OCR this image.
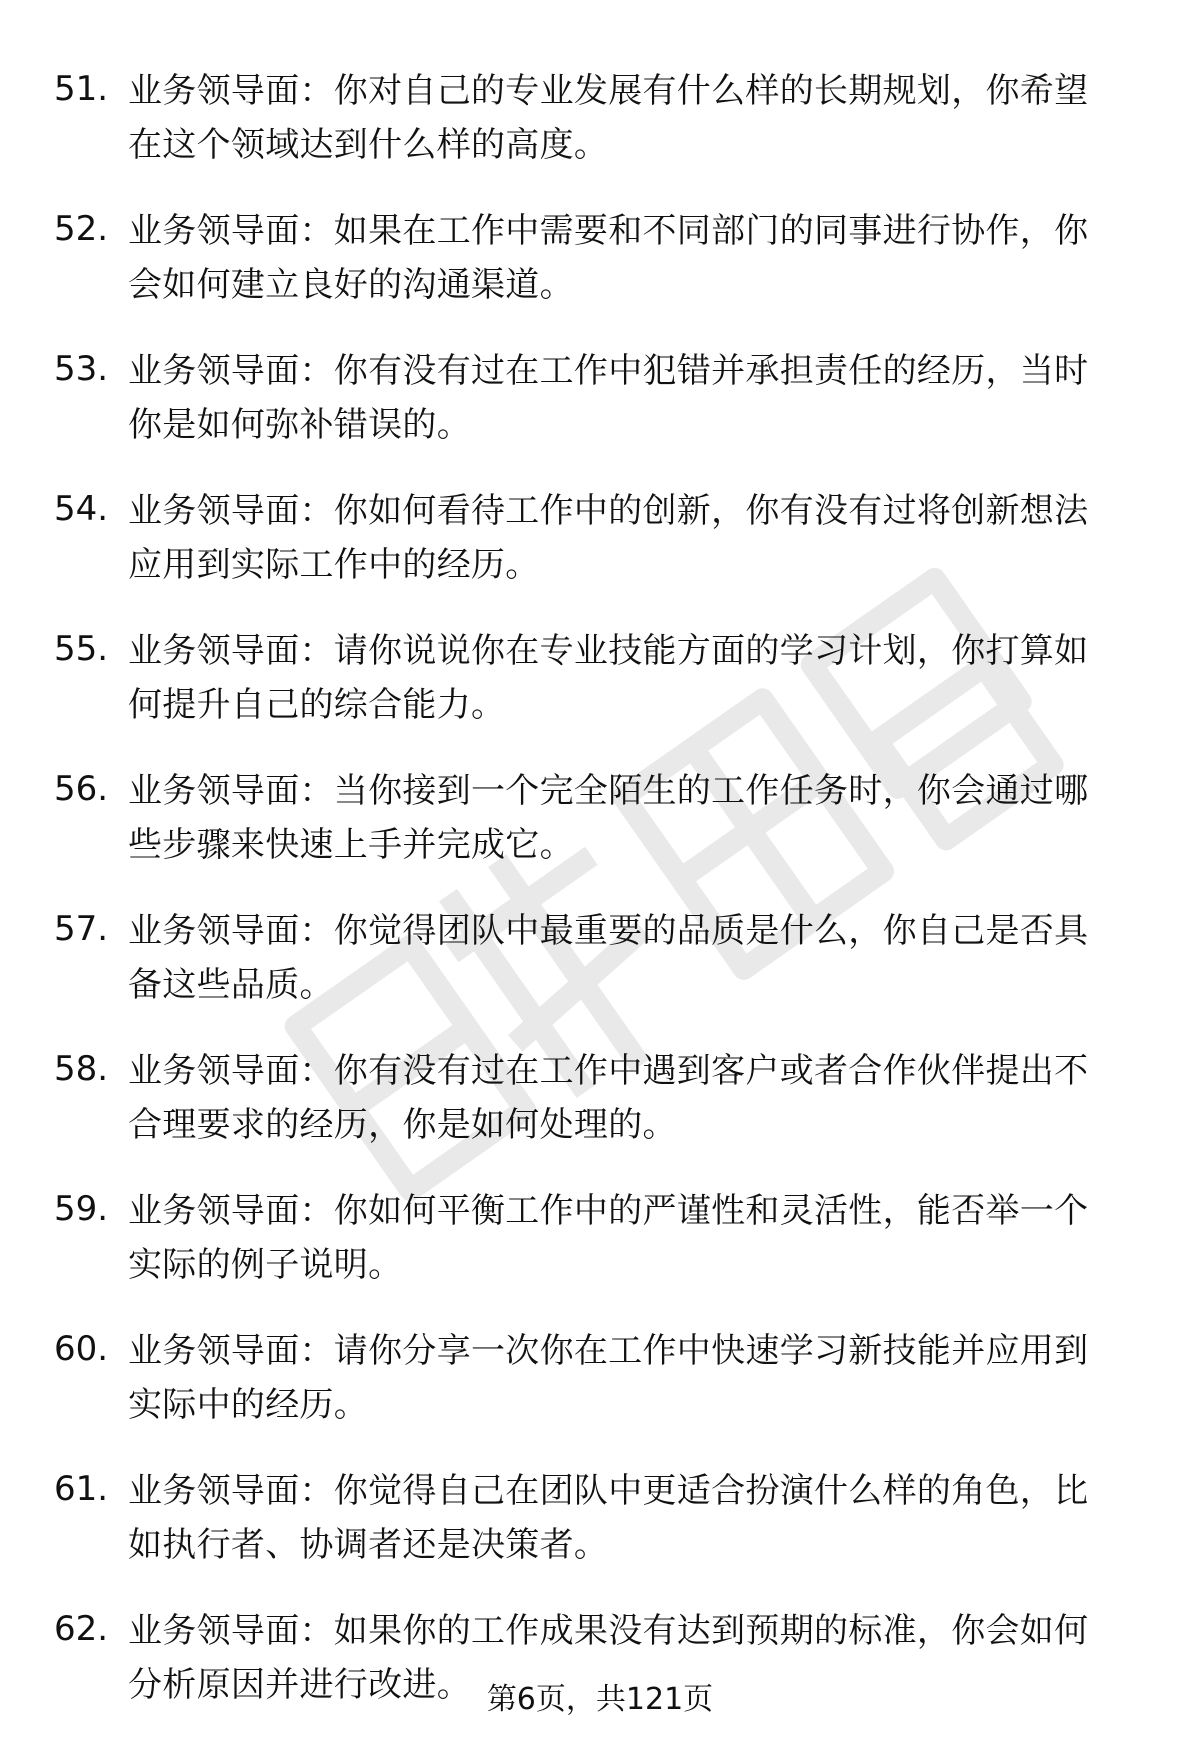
51. 业务领导面：你对自己的专业发展有什么样的长期规划，你希望
在这个领域达到什么样的高度。
52. 业务领导面：如果在工作中需要和不同部门的同事进行协作，你
会如何建立良好的沟通渠道。
53. 业务领导面：你有没有过在工作中犯错并承担责任的经历，当时
你是如何弥补错误的。
54. 业务领导面：你如何看待工作中的创新，你有没有过将创新想法
应用到实际工作中的经历。
55. 业务领导面：请你说说你在专业技能方面的学习计划，你打算如
何提升自己的综合能力。
56. 业务领导面：当你接到一个完全陌生的工作任务时，你会通过哪
些步骤来快速上手并完成它。
57. 业务领导面：你觉得团队中最重要的品质是什么，你自己是否具
备这些品质。
58. 业务领导面：你有没有过在工作中遇到客户或者合作伙伴提出不
合理要求的经历，你是如何处理的。
59. 业务领导面：你如何平衡工作中的严谨性和灵活性，能否举一个
实际的例子说明。
60. 业务领导面：请你分享一次你在工作中快速学习新技能并应用到
实际中的经历。
61. 业务领导面：你觉得自己在团队中更适合扮演什么样的角色，比
如执行者、协调者还是决策者。
62. 业务领导面：如果你的工作成果没有达到预期的标准，你会如何
分析原因并进行改进。 第6页，共121页
